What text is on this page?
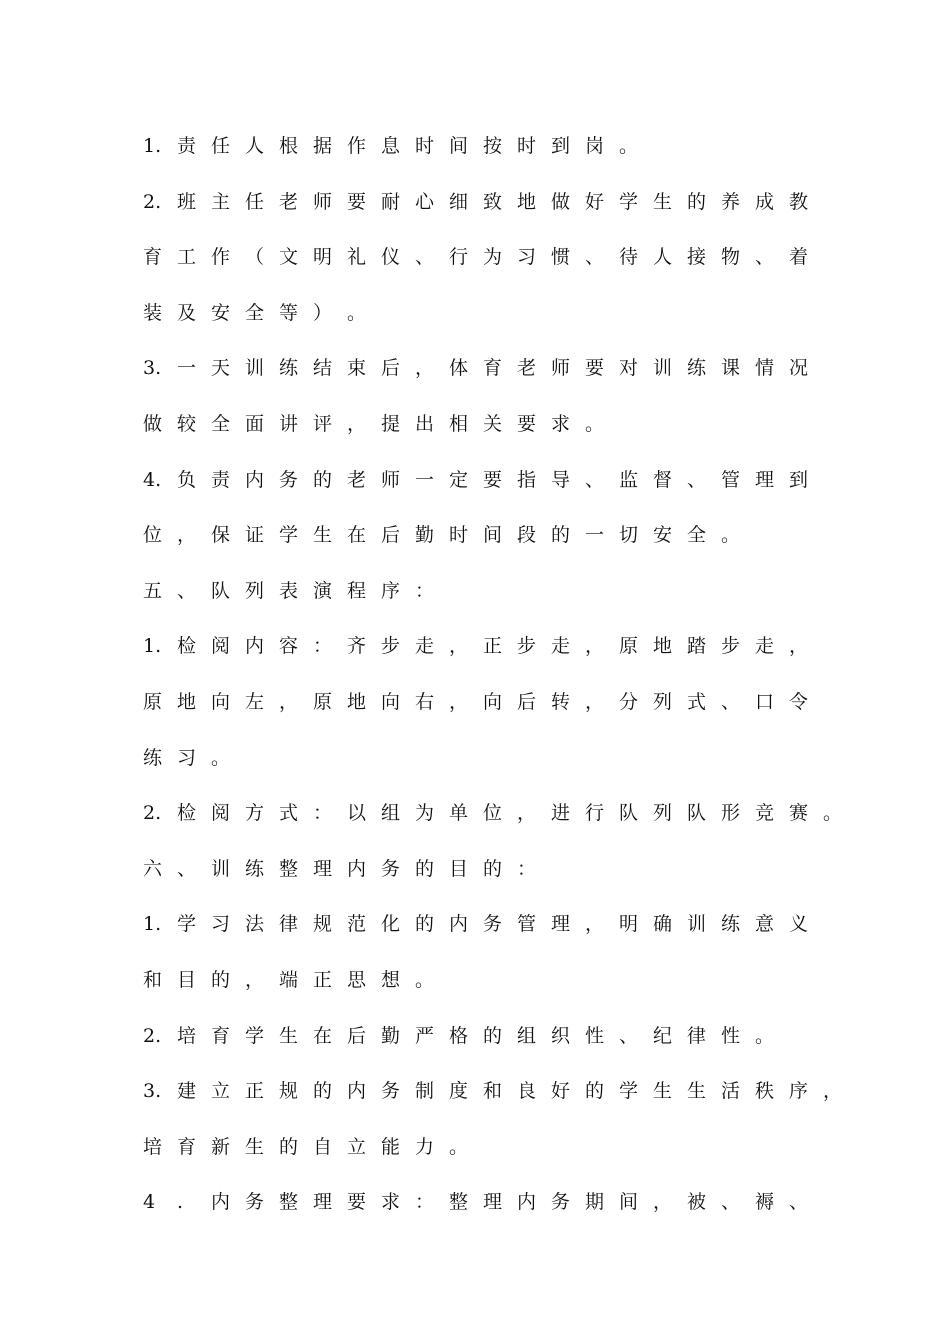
1. 责 任 人 根 据 作 息 时 间 按 时 到 岗 。
2. 班 主 任 老 师 要 耐 心 细 致 地 做 好 学 生 的 养 成 教
育 工 作 （ 文 明 礼 仪 、 行 为 习 惯 、 待 人 接 物 、 着
装 及 安 全 等 ） 。
3. 一 天 训 练 结 束 后 ， 体 育 老 师 要 对 训 练 课 情 况
做 较 全 面 讲 评 ， 提 出 相 关 要 求 。
4. 负 责 内 务 的 老 师 一 定 要 指 导 、 监 督 、 管 理 到
位 ， 保 证 学 生 在 后 勤 时 间 段 的 一 切 安 全 。
五 、 队 列 表 演 程 序 ：
1. 检 阅 内 容 ： 齐 步 走 ， 正 步 走 ， 原 地 踏 步 走 ，
原 地 向 左 ， 原 地 向 右 ， 向 后 转 ， 分 列 式 、 口 令
练 习 。
2. 检 阅 方 式 ： 以 组 为 单 位 ， 进 行 队 列 队 形 竞 赛 。
六 、 训 练 整 理 内 务 的 目 的 ：
1. 学 习 法 律 规 范 化 的 内 务 管 理 ， 明 确 训 练 意 义
和 目 的 ， 端 正 思 想 。
2. 培 育 学 生 在 后 勤 严 格 的 组 织 性 、 纪 律 性 。
3. 建 立 正 规 的 内 务 制 度 和 良 好 的 学 生 生 活 秩 序 ，
培 育 新 生 的 自 立 能 力 。
4	.	内 务 整 理 要 求 ： 整 理 内 务 期 间 ， 被 、 褥 、
